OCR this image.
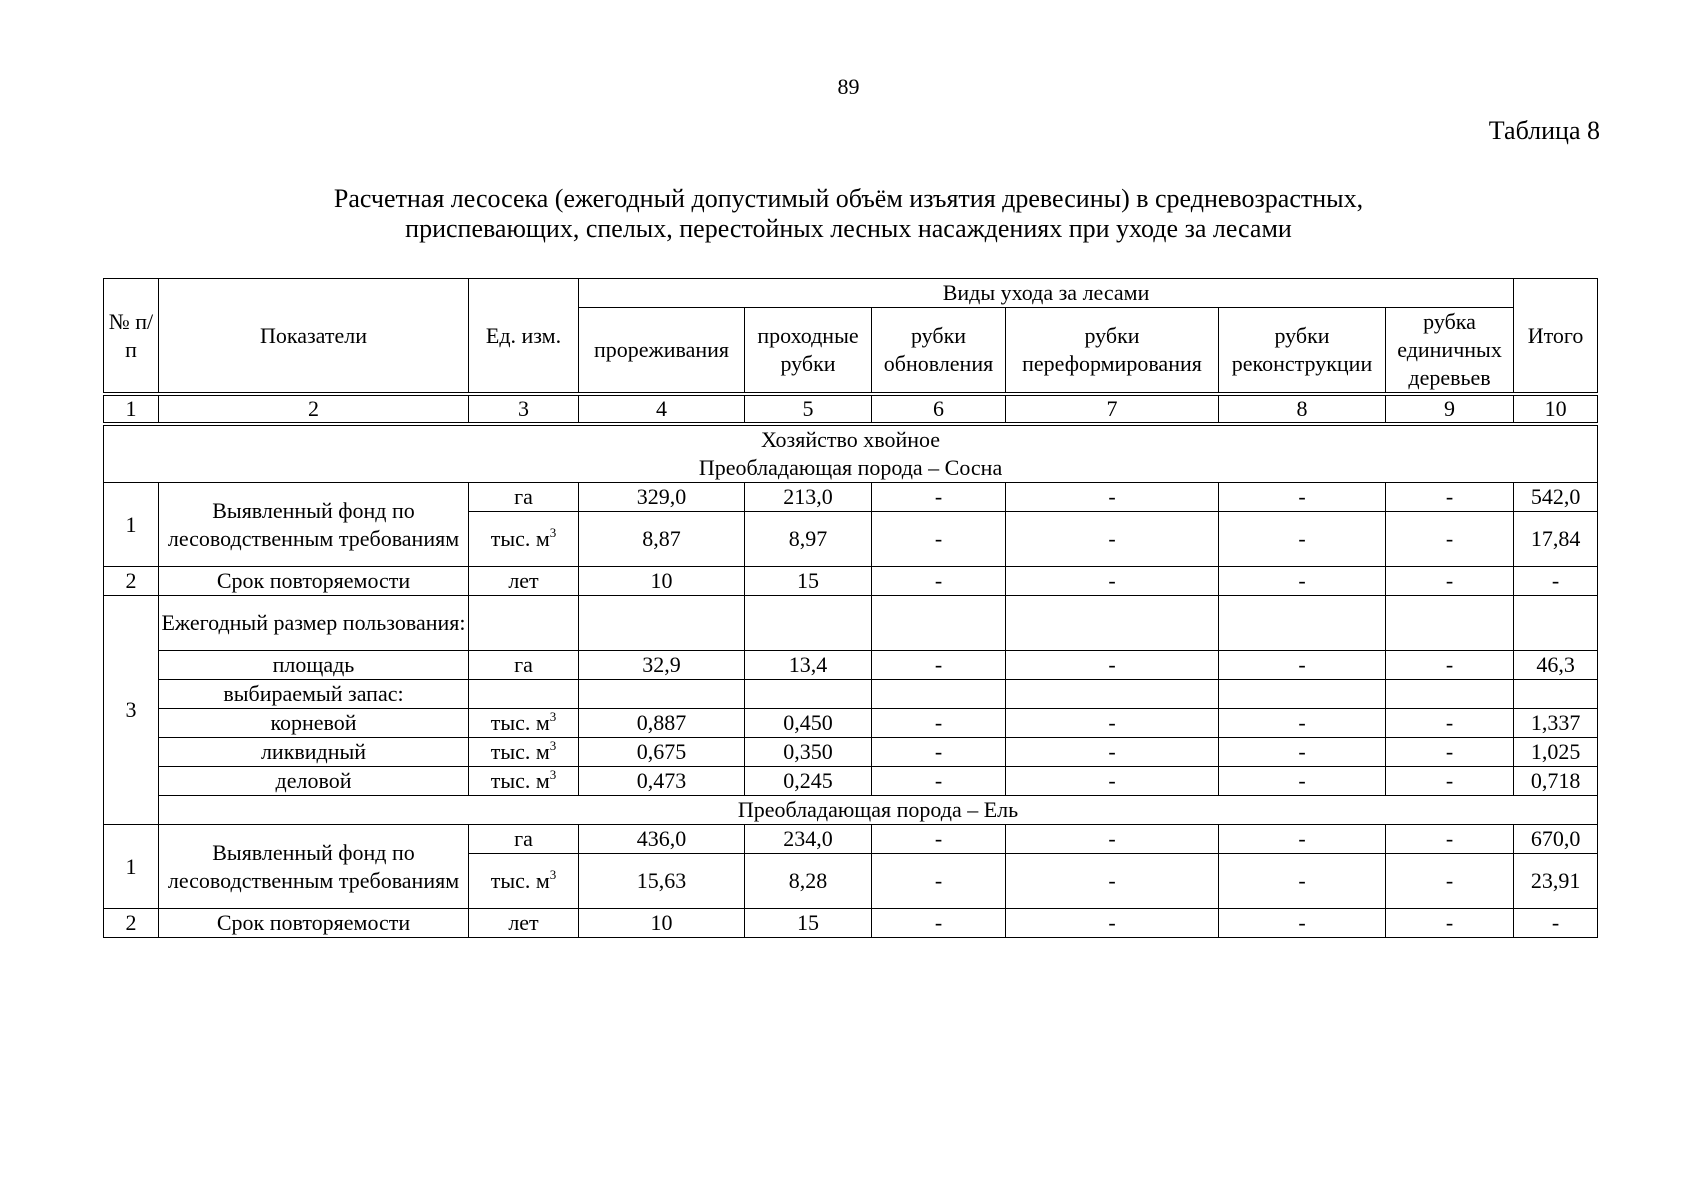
89
Таблица 8
Расчетная лесосека (ежегодный допустимый объём изъятия древесины) в средневозрастных,
приспевающих, спелых, перестойных лесных насаждениях при уходе за лесами
№ п/п	Показатели	Ед. изм.	Виды ухода за лесами						Итого
			прореживания	проходные рубки	рубки обновления	рубки переформирования	рубки реконструкции	рубка единичных деревьев	
1	2	3	4	5	6	7	8	9	10

Хозяйство хвойное
Преобладающая порода – Сосна									

1	Выявленный фонд по лесоводственным требованиям	га	329,0	213,0	-	-	-	-	542,0
		тыс. $м^3$	8,87	8,97	-	-	-	-	17,84
2	Срок повторяемости	лет	10	15	-	-	-	-	-
3	Ежегодный размер пользования:								
	площадь	га	32,9	13,4	-	-	-	-	46,3
	выбираемый запас:								
	корневой	тыс. $м^3$	0,887	0,450	-	-	-	-	1,337
	ликвидный	тыс. $м^3$	0,675	0,350	-	-	-	-	1,025
	деловой	тыс. $м^3$	0,473	0,245	-	-	-	-	0,718
	Преобладающая порода – Ель								
1	Выявленный фонд по лесоводственным требованиям	га	436,0	234,0	-	-	-	-	670,0
		тыс. $м^3$	15,63	8,28	-	-	-	-	23,91
2	Срок повторяемости	лет	10	15	-	-	-	-	-
